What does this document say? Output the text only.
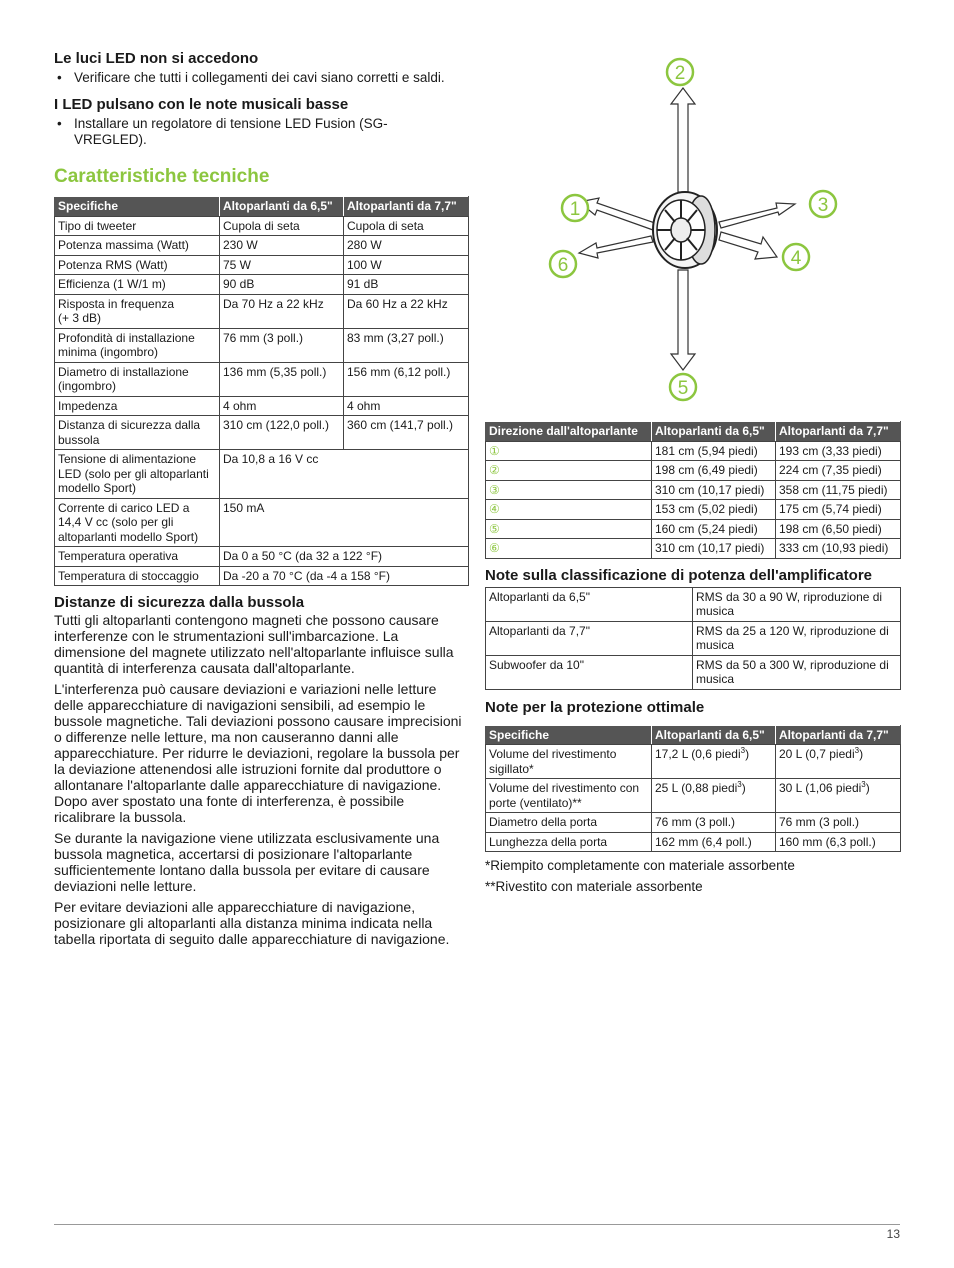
Le luci LED non si accedono
• Verificare che tutti i collegamenti dei cavi siano corretti e saldi.
I LED pulsano con le note musicali basse
• Installare un regolatore di tensione LED Fusion (SG-VREGLED).
Caratteristiche tecniche
Specifiche	Altoparlanti da 6,5"	Altoparlanti da 7,7"
Tipo di tweeter	Cupola di seta	Cupola di seta
Potenza massima (Watt)	230 W	280 W
Potenza RMS (Watt)	75 W	100 W
Efficienza (1 W/1 m)	90 dB	91 dB
Risposta in frequenza
(+ 3 dB)	Da 70 Hz a 22 kHz	Da 60 Hz a 22 kHz
Profondità di installazione minima (ingombro)	76 mm (3 poll.)	83 mm (3,27 poll.)
Diametro di installazione (ingombro)	136 mm (5,35 poll.)	156 mm (6,12 poll.)
Impedenza	4 ohm	4 ohm
Distanza di sicurezza dalla bussola	310 cm (122,0 poll.)	360 cm (141,7 poll.)
Tensione di alimentazione LED (solo per gli altoparlanti modello Sport)	Da 10,8 a 16 V cc	
Corrente di carico LED a 14,4 V cc (solo per gli altoparlanti modello Sport)	150 mA	
Temperatura operativa	Da 0 a 50 °C (da 32 a 122 °F)	
Temperatura di stoccaggio	Da -20 a 70 °C (da -4 a 158 °F)	
Distanze di sicurezza dalla bussola

Tutti gli altoparlanti contengono magneti che possono causare interferenze con le strumentazioni sull'imbarcazione. La dimensione del magnete utilizzato nell'altoparlante influisce sulla quantità di interferenza causata dall'altoparlante.

L'interferenza può causare deviazioni e variazioni nelle letture delle apparecchiature di navigazioni sensibili, ad esempio le bussole magnetiche. Tali deviazioni possono causare imprecisioni o differenze nelle letture, ma non causeranno danni alle apparecchiature. Per ridurre le deviazioni, regolare la bussola per la deviazione attenendosi alle istruzioni fornite dal produttore o allontanare l'altoparlante dalle apparecchiature di navigazione. Dopo aver spostato una fonte di interferenza, è possibile ricalibrare la bussola.

Se durante la navigazione viene utilizzata esclusivamente una bussola magnetica, accertarsi di posizionare l'altoparlante sufficientemente lontano dalla bussola per evitare di causare deviazioni nelle letture.

Per evitare deviazioni alle apparecchiature di navigazione, posizionare gli altoparlanti alla distanza minima indicata nella tabella riportata di seguito dalle apparecchiature di navigazione.

2
1	3
6	4
5
Direzione dall'altoparlante	Altoparlanti da 6,5"	Altoparlanti da 7,7"
①	181 cm (5,94 piedi)	193 cm (3,33 piedi)
②	198 cm (6,49 piedi)	224 cm (7,35 piedi)
③	310 cm (10,17 piedi)	358 cm (11,75 piedi)
④	153 cm (5,02 piedi)	175 cm (5,74 piedi)
⑤	160 cm (5,24 piedi)	198 cm (6,50 piedi)
⑥	310 cm (10,17 piedi)	333 cm (10,93 piedi)
Note sulla classificazione di potenza dell'amplificatore
Altoparlanti da 6,5"	RMS da 30 a 90 W, riproduzione di musica
Altoparlanti da 7,7"	RMS da 25 a 120 W, riproduzione di musica
Subwoofer da 10"	RMS da 50 a 300 W, riproduzione di musica
Note per la protezione ottimale
Specifiche	Altoparlanti da 6,5"	Altoparlanti da 7,7"
Volume del rivestimento sigillato*	17,2 L (0,6 piedi$^3$)	20 L (0,7 piedi$^3$)
Volume del rivestimento con porte (ventilato)**	25 L (0,88 piedi$^3$)	30 L (1,06 piedi$^3$)
Diametro della porta	76 mm (3 poll.)	76 mm (3 poll.)
Lunghezza della porta	162 mm (6,4 poll.)	160 mm (6,3 poll.)
*Riempito completamente con materiale assorbente
**Rivestito con materiale assorbente
13
